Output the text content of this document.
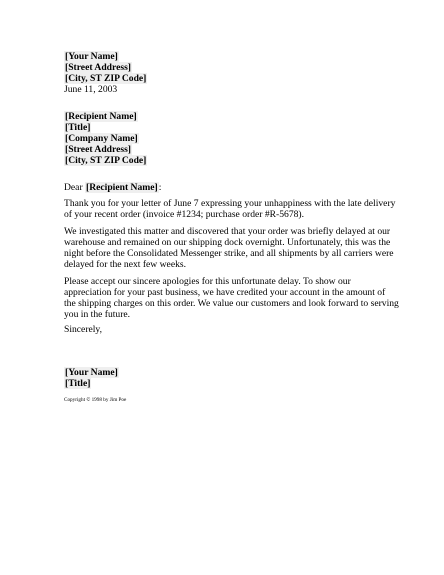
[Your Name]
[Street Address]
[City, ST ZIP Code]
June 11, 2003
[Recipient Name]
[Title]
[Company Name]
[Street Address]
[City, ST ZIP Code]
Dear [Recipient Name]:
Thank you for your letter of June 7 expressing your unhappiness with the late delivery of your recent order (invoice #1234; purchase order #R-5678).
We investigated this matter and discovered that your order was briefly delayed at our warehouse and remained on our shipping dock overnight. Unfortunately, this was the night before the Consolidated Messenger strike, and all shipments by all carriers were delayed for the next few weeks.
Please accept our sincere apologies for this unfortunate delay. To show our appreciation for your past business, we have credited your account in the amount of the shipping charges on this order. We value our customers and look forward to serving you in the future.
Sincerely,
[Your Name]
[Title]
Copyright © 1998 by Jim Poe
